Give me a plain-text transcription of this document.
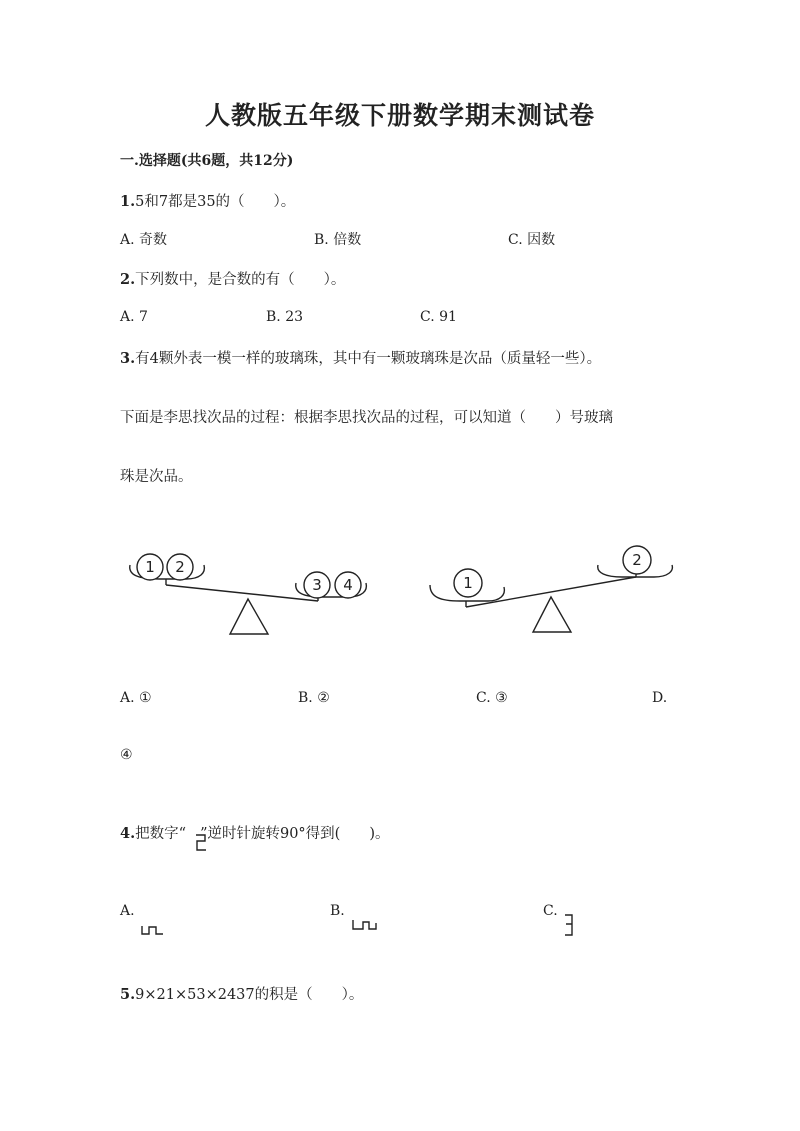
人教版五年级下册数学期末测试卷
一.选择题(共6题，共12分)
1.5和7都是35的（　　）。
A. 奇数	B. 倍数	C. 因数
2.下列数中，是合数的有（　　）。
A. 7	B. 23	C. 91
3.有4颗外表一模一样的玻璃珠，其中有一颗玻璃珠是次品（质量轻一些）。
下面是李思找次品的过程：根据李思找次品的过程，可以知道（　　）号玻璃
珠是次品。
1 2
3 4	1
2
A. ①	B. ②	C. ③	D.
④
4.把数字“ ”逆时针旋转90°得到(　　)。
A.	B.	C.
5.9×21×53×2437的积是（　　）。
